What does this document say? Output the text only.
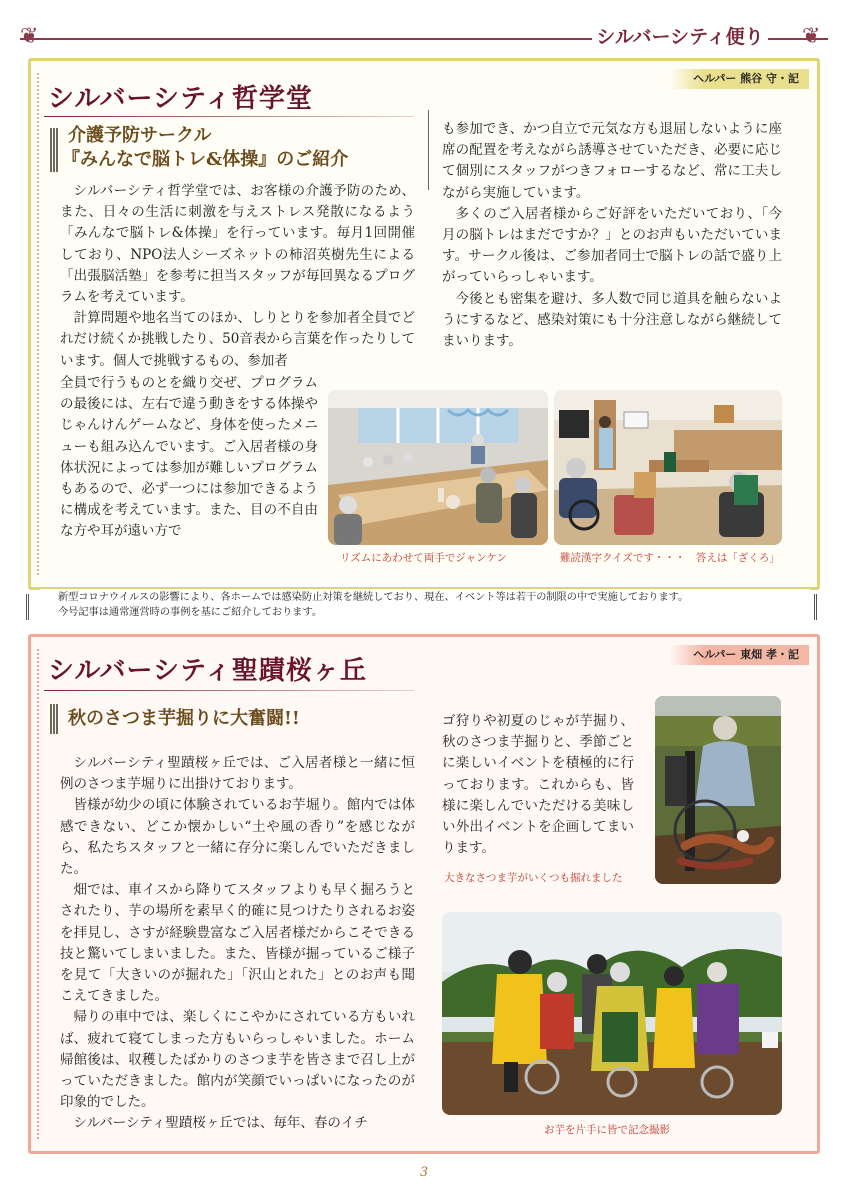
❦	❦
シルバーシティ便り
ヘルパー 熊谷 守・記
シルバーシティ哲学堂
介護予防サークル
『みんなで脳トレ&体操』のご紹介

シルバーシティ哲学堂では、お客様の介護予防のため、また、日々の生活に刺激を与えストレス発散になるよう「みんなで脳トレ&体操」を行っています。毎月1回開催しており、NPO法人シーズネットの柿沼英樹先生による「出張脳活塾」を参考に担当スタッフが毎回異なるプログラムを考えています。

計算問題や地名当てのほか、しりとりを参加者全員でどれだけ続くか挑戦したり、50音表から言葉を作ったりしています。個人で挑戦するもの、参加者

全員で行うものとを織り交ぜ、プログラムの最後には、左右で違う動きをする体操やじゃんけんゲームなど、身体を使ったメニューも組み込んでいます。ご入居者様の身体状況によっては参加が難しいプログラムもあるので、必ず一つには参加できるように構成を考えています。また、目の不自由な方や耳が遠い方で

も参加でき、かつ自立で元気な方も退屈しないように座席の配置を考えながら誘導させていただき、必要に応じて個別にスタッフがつきフォローするなど、常に工夫しながら実施しています。

多くのご入居者様からご好評をいただいており、「今月の脳トレはまだですか？」とのお声もいただいています。サークル後は、ご参加者同士で脳トレの話で盛り上がっていらっしゃいます。

今後とも密集を避け、多人数で同じ道具を触らないようにするなど、感染対策にも十分注意しながら継続してまいります。

リズムにあわせて両手でジャンケン	難読漢字クイズです・・・　答えは「ざくろ」
新型コロナウイルスの影響により、各ホームでは感染防止対策を継続しており、現在、イベント等は若干の制限の中で実施しております。
今号記事は通常運営時の事例を基にご紹介しております。
ヘルパー 東畑 孝・記
シルバーシティ聖蹟桜ヶ丘
秋のさつま芋掘りに大奮闘!!

シルバーシティ聖蹟桜ヶ丘では、ご入居者様と一緒に恒例のさつま芋堀りに出掛けております。

皆様が幼少の頃に体験されているお芋堀り。館内では体感できない、どこか懐かしい“土や風の香り”を感じながら、私たちスタッフと一緒に存分に楽しんでいただきました。

畑では、車イスから降りてスタッフよりも早く掘ろうとされたり、芋の場所を素早く的確に見つけたりされるお姿を拝見し、さすが経験豊富なご入居者様だからこそできる技と驚いてしまいました。また、皆様が掘っているご様子を見て「大きいのが掘れた」「沢山とれた」とのお声も聞こえてきました。

帰りの車中では、楽しくにこやかにされている方もいれば、疲れて寝てしまった方もいらっしゃいました。ホーム帰館後は、収穫したばかりのさつま芋を皆さまで召し上がっていただきました。館内が笑顔でいっぱいになったのが印象的でした。

シルバーシティ聖蹟桜ヶ丘では、毎年、春のイチ

ゴ狩りや初夏のじゃが芋掘り、秋のさつま芋掘りと、季節ごとに楽しいイベントを積極的に行っております。これからも、皆様に楽しんでいただける美味しい外出イベントを企画してまいります。

大きなさつま芋がいくつも掘れました
お芋を片手に皆で記念撮影
3
